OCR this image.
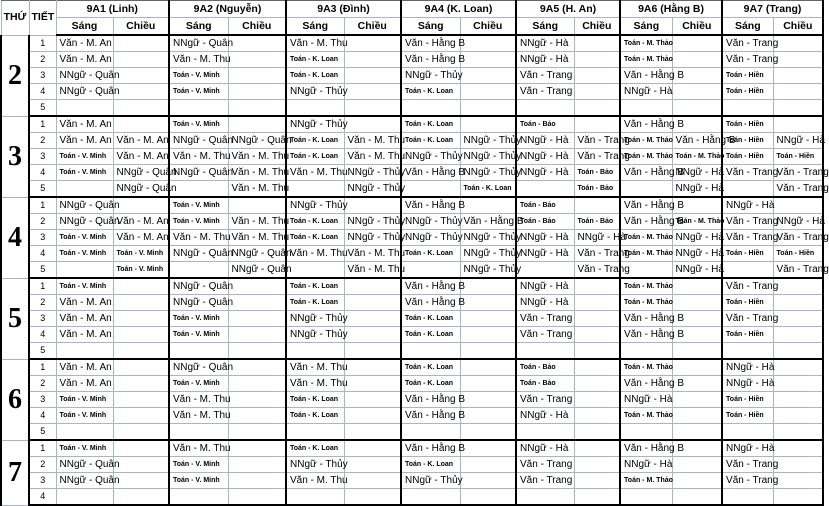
THỨ	TIẾT	9A1 (Linh)		9A2 (Nguyễn)		9A3 (Đình)		9A4 (K. Loan)		9A5 (H. An)		9A6 (Hằng B)		9A7 (Trang)	
		Sáng	Chiều	Sáng	Chiều	Sáng	Chiều	Sáng	Chiều	Sáng	Chiều	Sáng	Chiều	Sáng	Chiều
2	1	Văn - M. An		NNgữ - Quân		Văn - M. Thu		Văn - Hằng B		NNgữ - Hà		Toán - M. Thảo		Văn - Trang	
	2	Văn - M. An		Văn - M. Thu		Toán - K. Loan		Văn - Hằng B		NNgữ - Hà		Toán - M. Thảo		Văn - Trang	
	3	NNgữ - Quân		Toán - V. Minh		Toán - K. Loan		NNgữ - Thủy		Văn - Trang		Văn - Hằng B		Toán - Hiền	
	4	NNgữ - Quân		Toán - V. Minh		NNgữ - Thủy		Toán - K. Loan		Văn - Trang		NNgữ - Hà		Toán - Hiền	
	5														
3	1	Văn - M. An		Toán - V. Minh		NNgữ - Thủy		Toán - K. Loan		Toán - Bảo		Văn - Hằng B		Toán - Hiền	
	2	Văn - M. An	Văn - M. An	NNgữ - Quân	NNgữ - Quân	Toán - K. Loan	Văn - M. Thu	Toán - K. Loan	NNgữ - Thủy	NNgữ - Hà	Văn - Trang	Toán - M. Thảo	Văn - Hằng B	Toán - Hiền	NNgữ - Hà
	3	Toán - V. Minh	Văn - M. An	Văn - M. Thu	Văn - M. Thu	Toán - K. Loan	Văn - M. Thu	NNgữ - Thủy	NNgữ - Thủy	NNgữ - Hà	Văn - Trang	Toán - M. Thảo	Toán - M. Thảo	Toán - Hiền	Toán - Hiền
	4	Toán - V. Minh	NNgữ - Quân	NNgữ - Quân	Văn - M. Thu	Văn - M. Thu	NNgữ - Thủy	Văn - Hằng B	NNgữ - Thủy	NNgữ - Hà	Toán - Bảo	Văn - Hằng B	NNgữ - Hà	Văn - Trang	Văn - Trang
	5		NNgữ - Quân		Văn - M. Thu		NNgữ - Thủy		Toán - K. Loan		Toán - Bảo		NNgữ - Hà		Văn - Trang
4	1	NNgữ - Quân		Toán - V. Minh		NNgữ - Thủy		Văn - Hằng B		Toán - Bảo		Văn - Hằng B		NNgữ - Hà	
	2	NNgữ - Quân	Văn - M. An	Toán - V. Minh	Văn - M. Thu	Toán - K. Loan	NNgữ - Thủy	NNgữ - Thủy	Văn - Hằng B	Toán - Bảo	Toán - Bảo	Văn - Hằng B	Toán - M. Thảo	Văn - Trang	NNgữ - Hà
	3	Toán - V. Minh	Văn - M. An	Văn - M. Thu	Văn - M. Thu	Toán - K. Loan	NNgữ - Thủy	NNgữ - Thủy	NNgữ - Thủy	NNgữ - Hà	NNgữ - Hà	Toán - M. Thảo	NNgữ - Hà	Văn - Trang	Văn - Trang
	4	Toán - V. Minh	Toán - V. Minh	NNgữ - Quân	NNgữ - Quân	Văn - M. Thu	Văn - M. Thu	Toán - K. Loan	NNgữ - Thủy	NNgữ - Hà	Văn - Trang	Toán - M. Thảo	NNgữ - Hà	Toán - Hiền	Toán - Hiền
	5		Toán - V. Minh		NNgữ - Quân		Văn - M. Thu		NNgữ - Thủy		Văn - Trang		NNgữ - Hà		Văn - Trang
5	1	Toán - V. Minh		NNgữ - Quân		Toán - K. Loan		Văn - Hằng B		NNgữ - Hà		Toán - M. Thảo		Văn - Trang	
	2	Văn - M. An		NNgữ - Quân		Toán - K. Loan		Văn - Hằng B		NNgữ - Hà		Toán - M. Thảo		Toán - Hiền	
	3	Văn - M. An		Toán - V. Minh		NNgữ - Thủy		Toán - K. Loan		Văn - Trang		Văn - Hằng B		Văn - Trang	
	4	Văn - M. An		Toán - V. Minh		NNgữ - Thủy		Toán - K. Loan		Văn - Trang		Văn - Hằng B		Toán - Hiền	
	5														
6	1	Văn - M. An		NNgữ - Quân		Văn - M. Thu		Toán - K. Loan		Toán - Bảo		Toán - M. Thảo		NNgữ - Hà	
	2	Văn - M. An		Toán - V. Minh		Văn - M. Thu		Toán - K. Loan		Toán - Bảo		Văn - Hằng B		NNgữ - Hà	
	3	Toán - V. Minh		Văn - M. Thu		Toán - K. Loan		Văn - Hằng B		Văn - Trang		NNgữ - Hà		Toán - Hiền	
	4	Toán - V. Minh		Văn - M. Thu		Toán - K. Loan		Văn - Hằng B		NNgữ - Hà		Toán - M. Thảo		Toán - Hiền	
	5														
7	1	Toán - V. Minh		Văn - M. Thu		Toán - K. Loan		Văn - Hằng B		NNgữ - Hà		Văn - Hằng B		NNgữ - Hà	
	2	NNgữ - Quân		Toán - V. Minh		NNgữ - Thủy		Toán - K. Loan		Văn - Trang		NNgữ - Hà		Văn - Trang	
	3	NNgữ - Quân		Toán - V. Minh		Văn - M. Thu		NNgữ - Thủy		Văn - Trang		Toán - M. Thảo		Văn - Trang	
	4														
